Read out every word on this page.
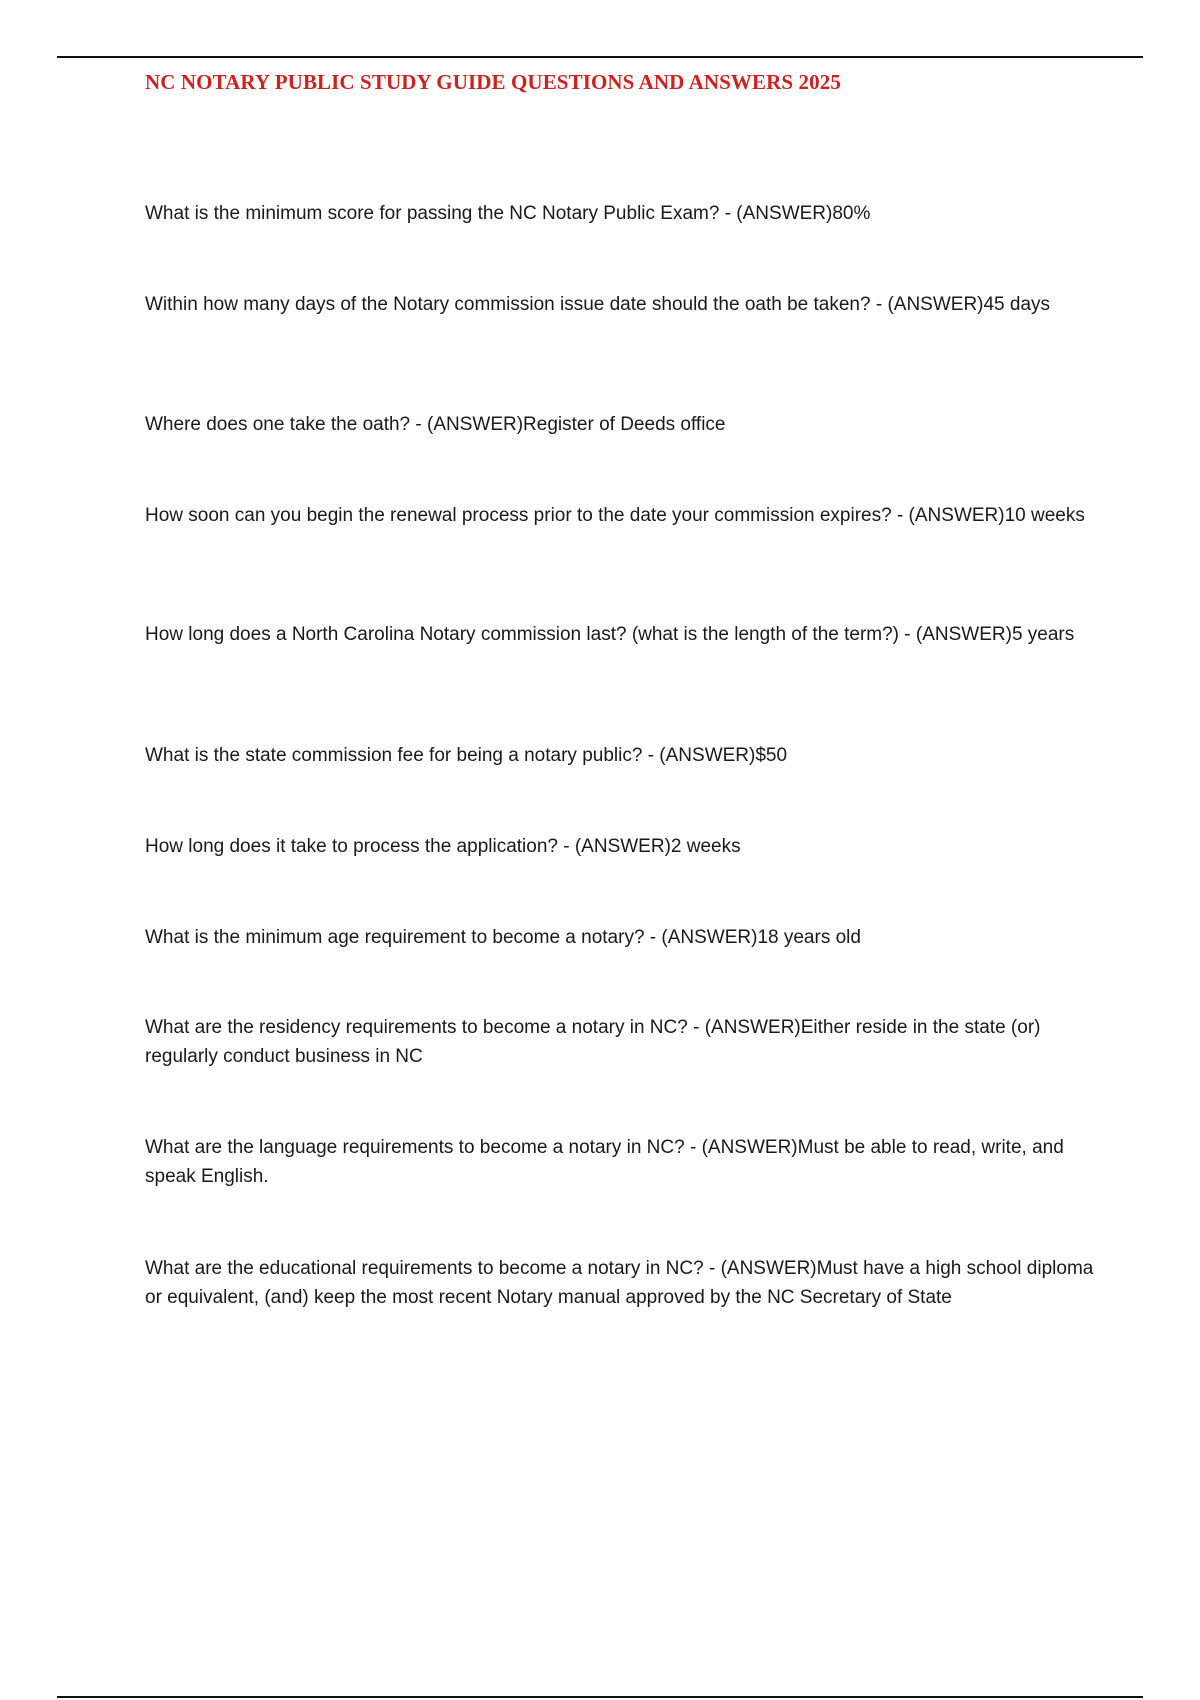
NC NOTARY PUBLIC STUDY GUIDE QUESTIONS AND ANSWERS 2025

What is the minimum score for passing the NC Notary Public Exam? - (ANSWER)80%

Within how many days of the Notary commission issue date should the oath be taken? - (ANSWER)45 days

Where does one take the oath? - (ANSWER)Register of Deeds office

How soon can you begin the renewal process prior to the date your commission expires? - (ANSWER)10 weeks

How long does a North Carolina Notary commission last? (what is the length of the term?) - (ANSWER)5 years

What is the state commission fee for being a notary public? - (ANSWER)$50

How long does it take to process the application? - (ANSWER)2 weeks

What is the minimum age requirement to become a notary? - (ANSWER)18 years old

What are the residency requirements to become a notary in NC? - (ANSWER)Either reside in the state (or) regularly conduct business in NC

What are the language requirements to become a notary in NC? - (ANSWER)Must be able to read, write, and speak English.

What are the educational requirements to become a notary in NC? - (ANSWER)Must have a high school diploma or equivalent, (and) keep the most recent Notary manual approved by the NC Secretary of State
